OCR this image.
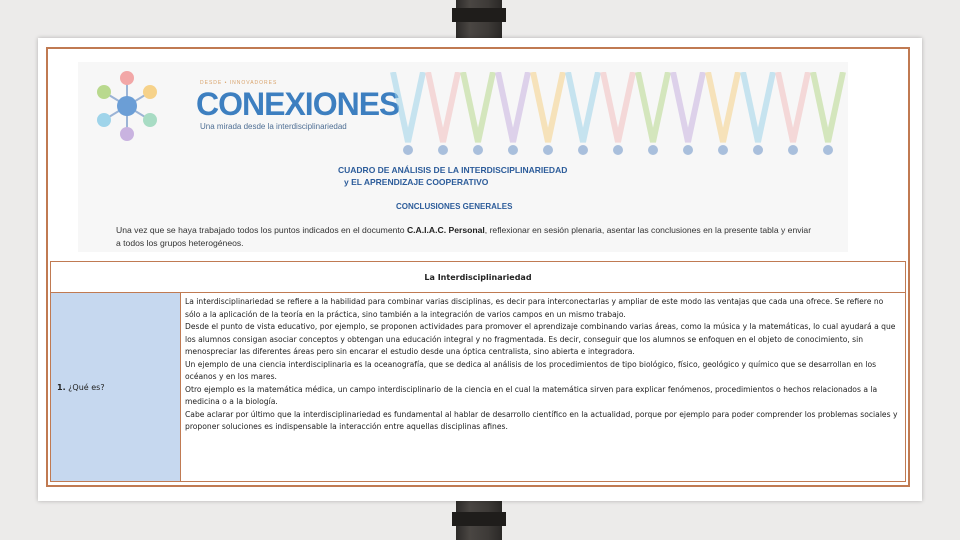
DESDE • INNOVADORES
CONEXIONES
Una mirada desde la interdisciplinariedad
CUADRO DE ANÁLISIS DE LA INTERDISCIPLINARIEDAD
y EL APRENDIZAJE COOPERATIVO
CONCLUSIONES GENERALES
Una vez que se haya trabajado todos los puntos indicados en el documento C.A.I.A.C. Personal, reflexionar en sesión plenaria, asentar las conclusiones en la presente tabla y enviar a todos los grupos heterogéneos.
La Interdisciplinariedad
1. ¿Qué es?	

La interdisciplinariedad se refiere a la habilidad para combinar varias disciplinas, es decir para interconectarlas y ampliar de este modo las ventajas que cada una ofrece. Se refiere no sólo a la aplicación de la teoría en la práctica, sino también a la integración de varios campos en un mismo trabajo.

Desde el punto de vista educativo, por ejemplo, se proponen actividades para promover el aprendizaje combinando varias áreas, como la música y la matemáticas, lo cual ayudará a que los alumnos consigan asociar conceptos y obtengan una educación integral y no fragmentada. Es decir, conseguir que los alumnos se enfoquen en el objeto de conocimiento, sin menospreciar las diferentes áreas pero sin encarar el estudio desde una óptica centralista, sino abierta e integradora.

Un ejemplo de una ciencia interdisciplinaria es la oceanografía, que se dedica al análisis de los procedimientos de tipo biológico, físico, geológico y químico que se desarrollan en los océanos y en los mares.

Otro ejemplo es la matemática médica, un campo interdisciplinario de la ciencia en el cual la matemática sirven para explicar fenómenos, procedimientos o hechos relacionados a la medicina o a la biología.

Cabe aclarar por último que la interdisciplinariedad es fundamental al hablar de desarrollo científico en la actualidad, porque por ejemplo para poder comprender los problemas sociales y proponer soluciones es indispensable la interacción entre aquellas disciplinas afines.
